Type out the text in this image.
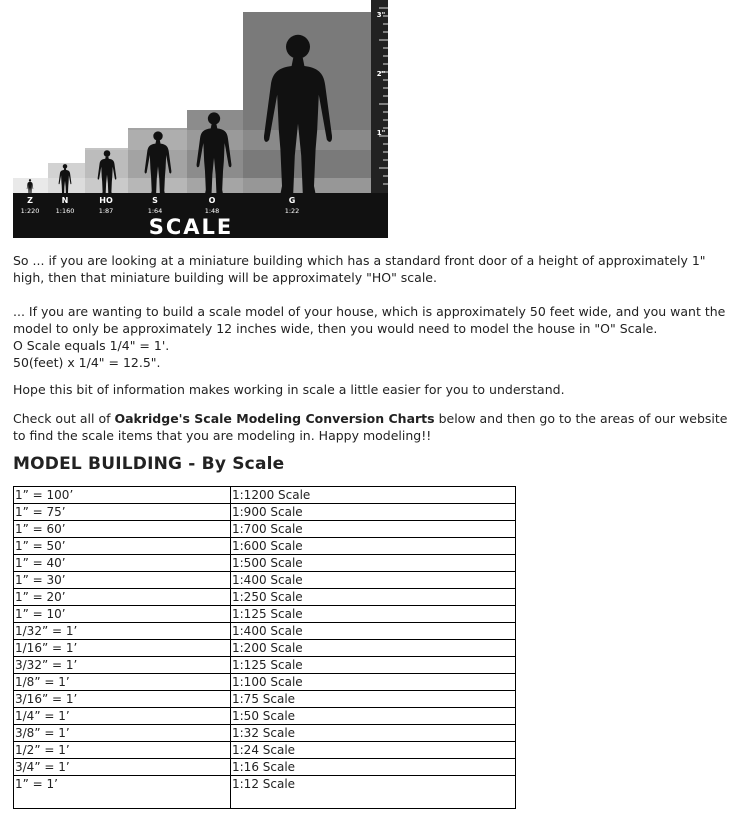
3"
2"
1"
Z
1:220
N
1:160
HO
1:87
S
1:64
O
1:48
G
1:22
SCALE

So ... if you are looking at a miniature building which has a standard front door of a height of approximately 1" high, then that miniature building will be approximately "HO" scale.

... If you are wanting to build a scale model of your house, which is approximately 50 feet wide, and you want the model to only be approximately 12 inches wide, then you would need to model the house in "O" Scale.
O Scale equals 1/4" = 1'.
50(feet) x 1/4" = 12.5".

Hope this bit of information makes working in scale a little easier for you to understand.

Check out all of Oakridge's Scale Modeling Conversion Charts below and then go to the areas of our website to find the scale items that you are modeling in. Happy modeling!!

MODEL BUILDING - By Scale
1” = 100’	1:1200 Scale
1” = 75’	1:900 Scale
1” = 60’	1:700 Scale
1” = 50’	1:600 Scale
1” = 40’	1:500 Scale
1” = 30’	1:400 Scale
1” = 20’	1:250 Scale
1” = 10’	1:125 Scale
1/32” = 1’	1:400 Scale
1/16” = 1’	1:200 Scale
3/32” = 1’	1:125 Scale
1/8” = 1’	1:100 Scale
3/16” = 1’	1:75 Scale
1/4” = 1’	1:50 Scale
3/8” = 1’	1:32 Scale
1/2” = 1’	1:24 Scale
3/4” = 1’	1:16 Scale
1” = 1’	1:12 Scale
